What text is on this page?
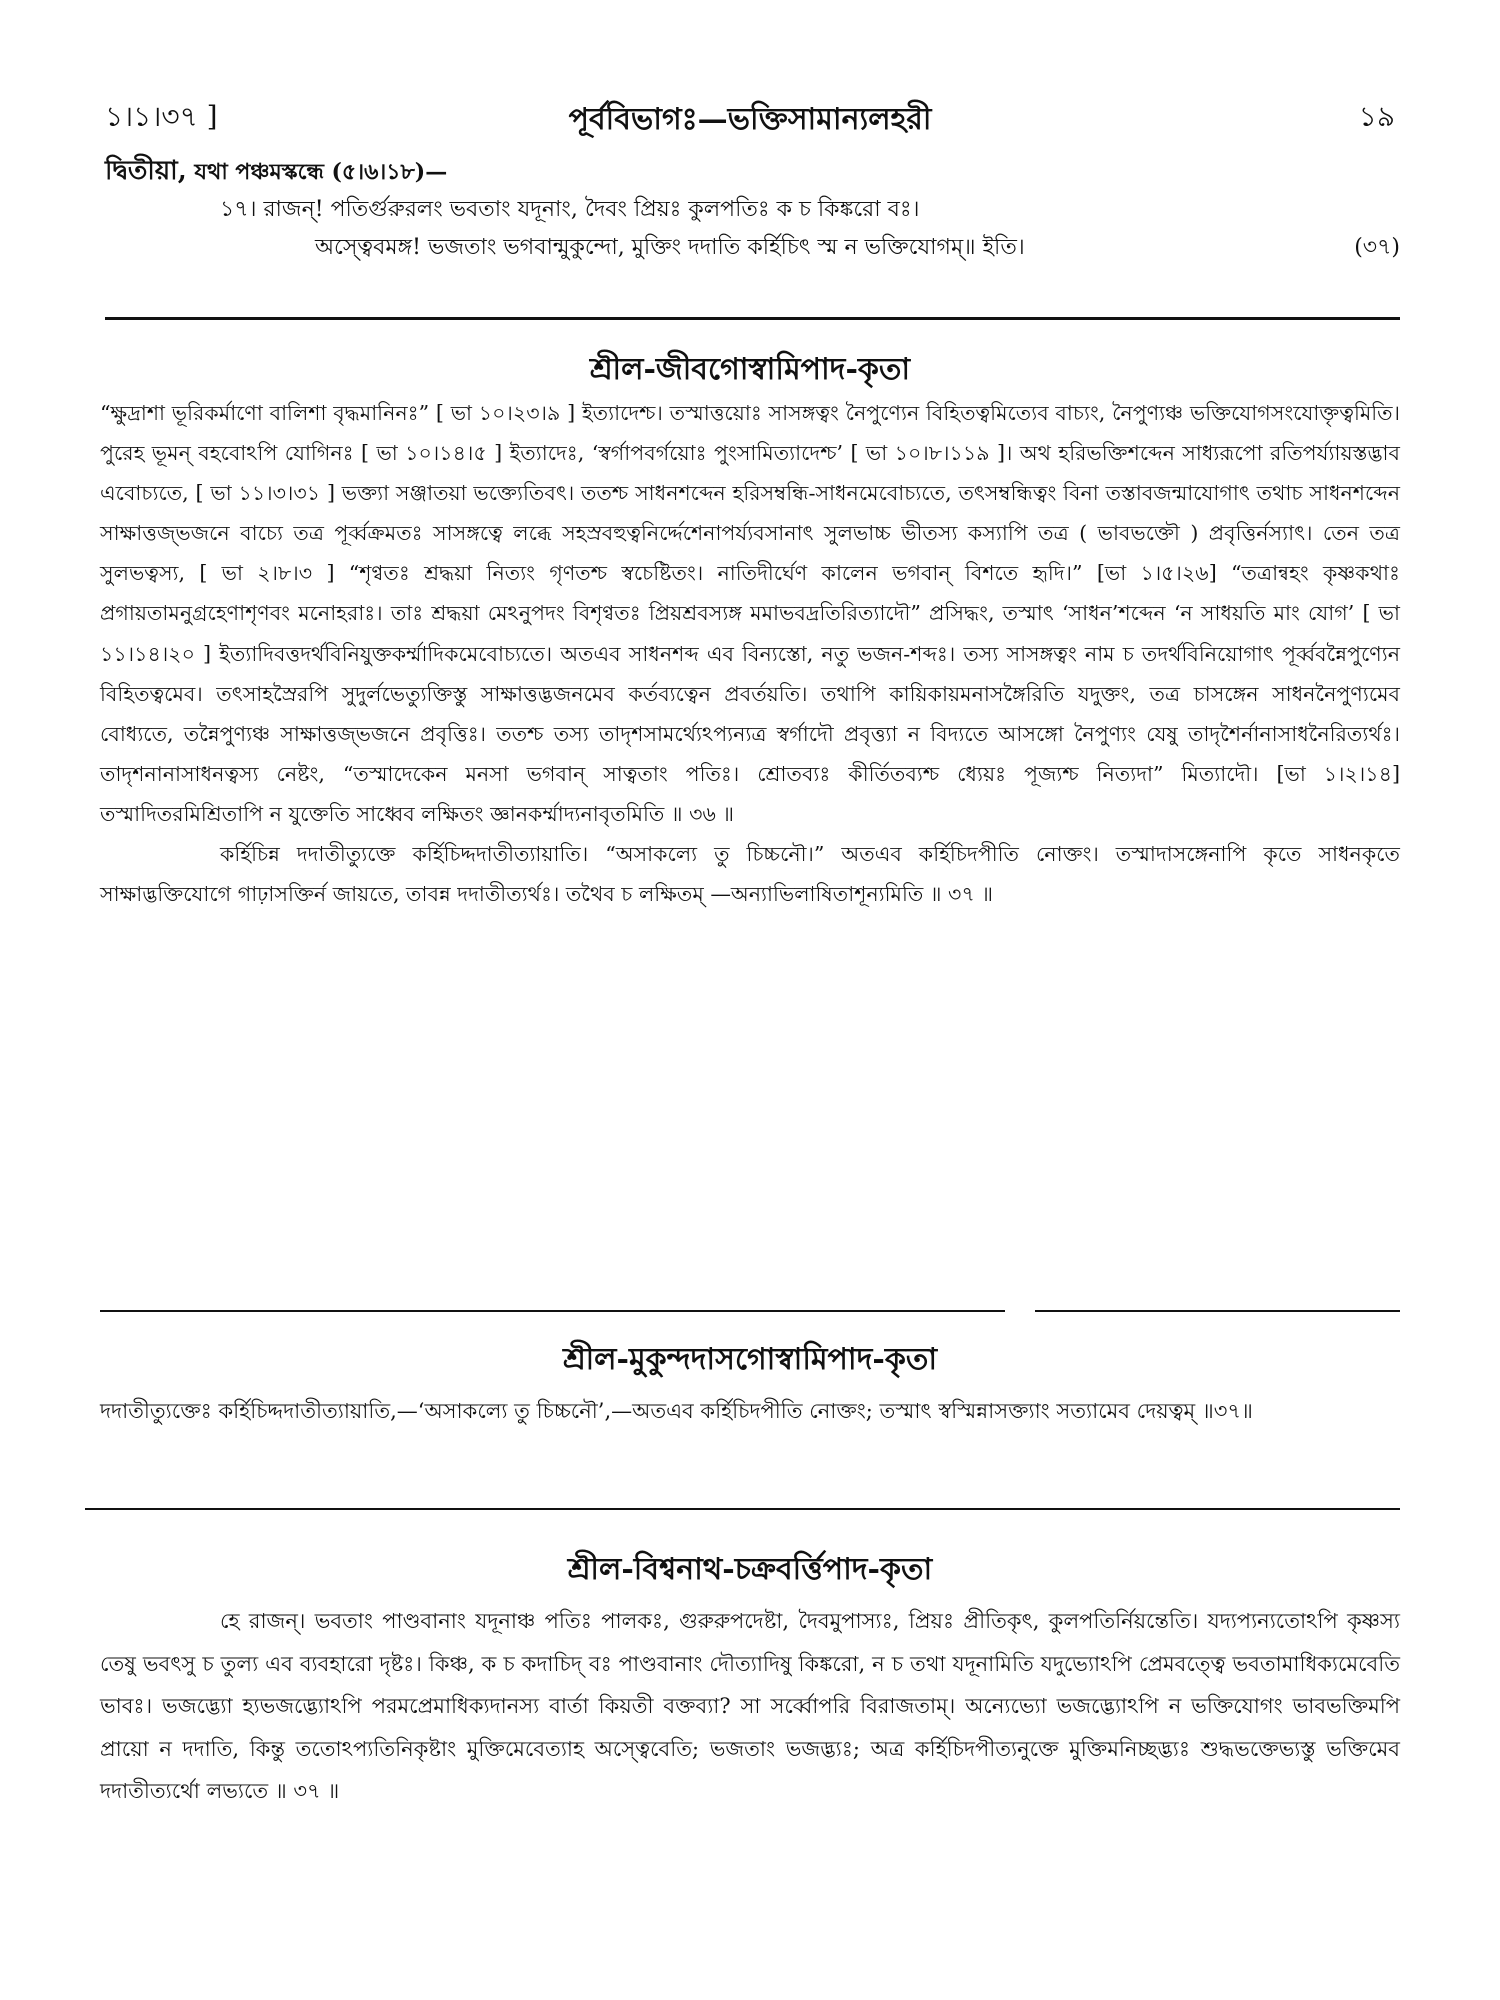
১।১।৩৭ ]	পূর্ববিভাগঃ—ভক্তিসামান্যলহরী	১৯
দ্বিতীয়া, যথা পঞ্চমস্কন্ধে (৫।৬।১৮)—
১৭। রাজন্! পতির্গুরুরলং ভবতাং যদূনাং, দৈবং প্রিয়ঃ কুলপতিঃ ক চ কিঙ্করো বঃ।
অস্ত্বেবমঙ্গ! ভজতাং ভগবান্মুকুন্দো, মুক্তিং দদাতি কর্হিচিৎ স্ম ন ভক্তিযোগম্॥ ইতি।	(৩৭)
শ্রীল-জীবগোস্বামিপাদ-কৃতা

“ক্ষুদ্রাশা ভূরিকর্মাণো বালিশা বৃদ্ধমানিনঃ” [ ভা ১০।২৩।৯ ] ইত্যাদেশ্চ। তস্মাত্তয়োঃ সাসঙ্গত্বং নৈপুণ্যেন বিহিতত্বমিত্যেব বাচ্যং, নৈপুণ্যঞ্চ ভক্তিযোগসংযোক্তৃত্বমিতি। পুরেহ ভূমন্ বহবোঽপি যোগিনঃ [ ভা ১০।১৪।৫ ] ইত্যাদেঃ, ‘স্বর্গাপবর্গয়োঃ পুংসামিত্যাদেশ্চ’ [ ভা ১০।৮।১১৯ ]। অথ হরিভক্তিশব্দেন সাধ্যরূপো রতিপর্য্যায়স্তদ্ভাব এবোচ্যতে, [ ভা ১১।৩।৩১ ] ভক্ত্যা সঞ্জাতয়া ভক্ত্যেতিবৎ। ততশ্চ সাধনশব্দেন হরিসম্বন্ধি-সাধনমেবোচ্যতে, তৎসম্বন্ধিত্বং বিনা তস্তাবজন্মাযোগাৎ তথাচ সাধনশব্দেন সাক্ষাত্তজ্ভজনে বাচ্যে তত্র পূর্ব্বক্রমতঃ সাসঙ্গত্বে লব্ধে সহস্রবহুত্বনির্দ্দেশেনাপর্য্যবসানাৎ সুলভাচ্চ ভীতস্য কস্যাপি তত্র ( ভাবভক্তৌ ) প্রবৃত্তির্নস্যাৎ। তেন তত্র সুলভত্বস্য, [ ভা ২।৮।৩ ] “শৃণ্বতঃ শ্রদ্ধয়া নিত্যং গৃণতশ্চ স্বচেষ্টিতং। নাতিদীর্ঘেণ কালেন ভগবান্ বিশতে হৃদি।” [ভা ১।৫।২৬] “তত্রান্বহং কৃষ্ণকথাঃ প্রগায়তামনুগ্রহেণাশৃণবং মনোহরাঃ। তাঃ শ্রদ্ধয়া মেঽনুপদং বিশৃণ্বতঃ প্রিয়শ্রবস্যঙ্গ মমাভবদ্রতিরিত্যাদৌ” প্রসিদ্ধং, তস্মাৎ ‘সাধন’শব্দেন ‘ন সাধয়তি মাং যোগ’ [ ভা ১১।১৪।২০ ] ইত্যাদিবত্তদর্থবিনিযুক্তকর্ম্মাদিকমেবোচ্যতে। অতএব সাধনশব্দ এব বিন্যস্তো, নতু ভজন-শব্দঃ। তস্য সাসঙ্গত্বং নাম চ তদর্থবিনিয়োগাৎ পূর্ব্ববন্নৈপুণ্যেন বিহিতত্বমেব। তৎসাহস্রৈরপি সুদুর্লভেত্যুক্তিস্তু সাক্ষাত্তদ্ভজনমেব কর্তব্যত্বেন প্রবর্তয়তি। তথাপি কায়িকায়মনাসঙ্গৈরিতি যদুক্তং, তত্র চাসঙ্গেন সাধননৈপুণ্যমেব বোধ্যতে, তন্নৈপুণ্যঞ্চ সাক্ষাত্তজ্ভজনে প্রবৃত্তিঃ। ততশ্চ তস্য তাদৃশসামর্থ্যেঽপ্যন্যত্র স্বর্গাদৌ প্রবৃত্ত্যা ন বিদ্যতে আসঙ্গো নৈপুণ্যং যেষু তাদৃশৈর্নানাসাধনৈরিত্যর্থঃ। তাদৃশনানাসাধনত্বস্য নেষ্টং, “তস্মাদেকেন মনসা ভগবান্ সাত্বতাং পতিঃ। শ্রোতব্যঃ কীর্তিতব্যশ্চ ধ্যেয়ঃ পূজ্যশ্চ নিত্যদা” মিত্যাদৌ। [ভা ১।২।১৪] তস্মাদিতরমিশ্রিতাপি ন যুক্তেতি সাধ্বেব লক্ষিতং জ্ঞানকর্ম্মাদ্যনাবৃতমিতি ॥ ৩৬ ॥

কর্হিচিন্ন দদাতীত্যুক্তে কর্হিচিদ্দদাতীত্যায়াতি। “অসাকল্যে তু চিচ্চনৌ।” অতএব কর্হিচিদপীতি নোক্তং। তস্মাদাসঙ্গেনাপি কৃতে সাধনকৃতে সাক্ষাদ্ভক্তিযোগে গাঢ়াসক্তির্ন জায়তে, তাবন্ন দদাতীত্যর্থঃ। তথৈব চ লক্ষিতম্ —অন্যাভিলাষিতাশূন্যমিতি ॥ ৩৭ ॥

শ্রীল-মুকুন্দদাসগোস্বামিপাদ-কৃতা

দদাতীত্যুক্তেঃ কর্হিচিদ্দদাতীত্যায়াতি,—‘অসাকল্যে তু চিচ্চনৌ’,—অতএব কর্হিচিদপীতি নোক্তং; তস্মাৎ স্বস্মিন্নাসক্ত্যাং সত্যামেব দেয়ত্বম্ ॥৩৭॥

শ্রীল-বিশ্বনাথ-চক্রবর্ত্তিপাদ-কৃতা

হে রাজন্। ভবতাং পাণ্ডবানাং যদূনাঞ্চ পতিঃ পালকঃ, গুরুরুপদেষ্টা, দৈবমুপাস্যঃ, প্রিয়ঃ প্রীতিকৃৎ, কুলপতির্নিয়ন্তেতি। যদ্যপ্যন্যতোঽপি কৃষ্ণস্য তেষু ভবৎসু চ তুল্য এব ব্যবহারো দৃষ্টঃ। কিঞ্চ, ক চ কদাচিদ্ বঃ পাণ্ডবানাং দৌত্যাদিষু কিঙ্করো, ন চ তথা যদূনামিতি যদুভ্যোঽপি প্রেমবত্ত্বে ভবতামাধিক্যমেবেতি ভাবঃ। ভজদ্ভ্যো হ্যভজদ্ভ্যোঽপি পরমপ্রেমাধিক্যদানস্য বার্তা কিয়তী বক্তব্যা? সা সর্ব্বোপরি বিরাজতাম্। অন্যেভ্যো ভজদ্ভ্যোঽপি ন ভক্তিযোগং ভাবভক্তিমপি প্রায়ো ন দদাতি, কিন্তু ততোঽপ্যতিনিকৃষ্টাং মুক্তিমেবেত্যাহ অস্ত্বেবেতি; ভজতাং ভজদ্ভ্যঃ; অত্র কর্হিচিদপীত্যনুক্তে মুক্তিমনিচ্ছদ্ভ্যঃ শুদ্ধভক্তেভ্যস্তু ভক্তিমেব দদাতীত্যর্থো লভ্যতে ॥ ৩৭ ॥
